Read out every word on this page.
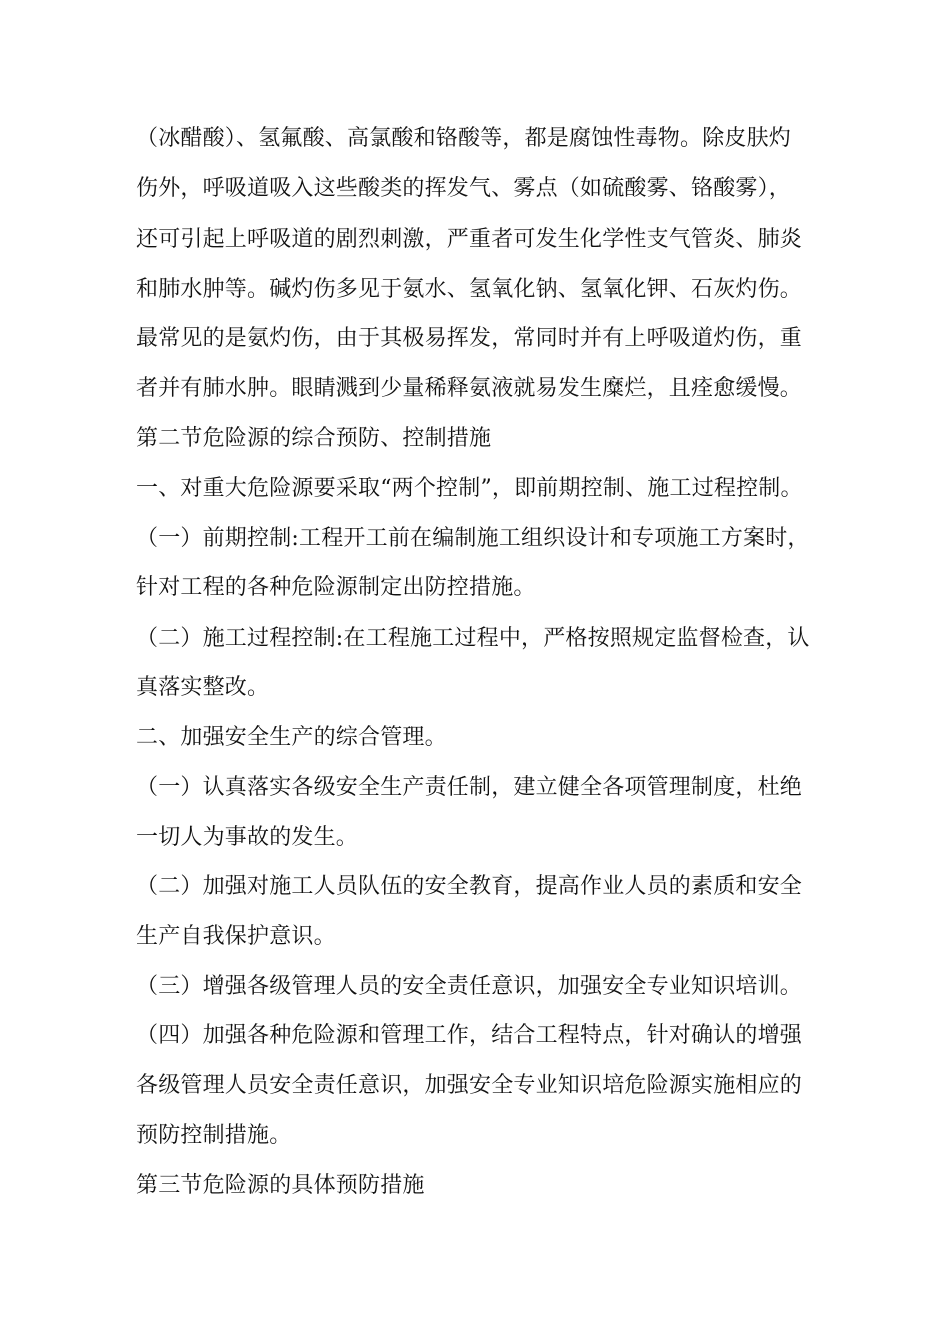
（冰醋酸）、氢氟酸、高氯酸和铬酸等，都是腐蚀性毒物。除皮肤灼
伤外，呼吸道吸入这些酸类的挥发气、雾点（如硫酸雾、铬酸雾），
还可引起上呼吸道的剧烈刺激，严重者可发生化学性支气管炎、肺炎
和肺水肿等。碱灼伤多见于氨水、氢氧化钠、氢氧化钾、石灰灼伤。
最常见的是氨灼伤，由于其极易挥发，常同时并有上呼吸道灼伤，重
者并有肺水肿。眼睛溅到少量稀释氨液就易发生糜烂，且痊愈缓慢。
第二节危险源的综合预防、控制措施
一、对重大危险源要采取“两个控制”，即前期控制、施工过程控制。
（一）前期控制:工程开工前在编制施工组织设计和专项施工方案时，
针对工程的各种危险源制定出防控措施。
（二）施工过程控制:在工程施工过程中，严格按照规定监督检查，认
真落实整改。
二、加强安全生产的综合管理。
（一）认真落实各级安全生产责任制，建立健全各项管理制度，杜绝
一切人为事故的发生。
（二）加强对施工人员队伍的安全教育，提高作业人员的素质和安全
生产自我保护意识。
（三）增强各级管理人员的安全责任意识，加强安全专业知识培训。
（四）加强各种危险源和管理工作，结合工程特点，针对确认的增强
各级管理人员安全责任意识，加强安全专业知识培危险源实施相应的
预防控制措施。
第三节危险源的具体预防措施
